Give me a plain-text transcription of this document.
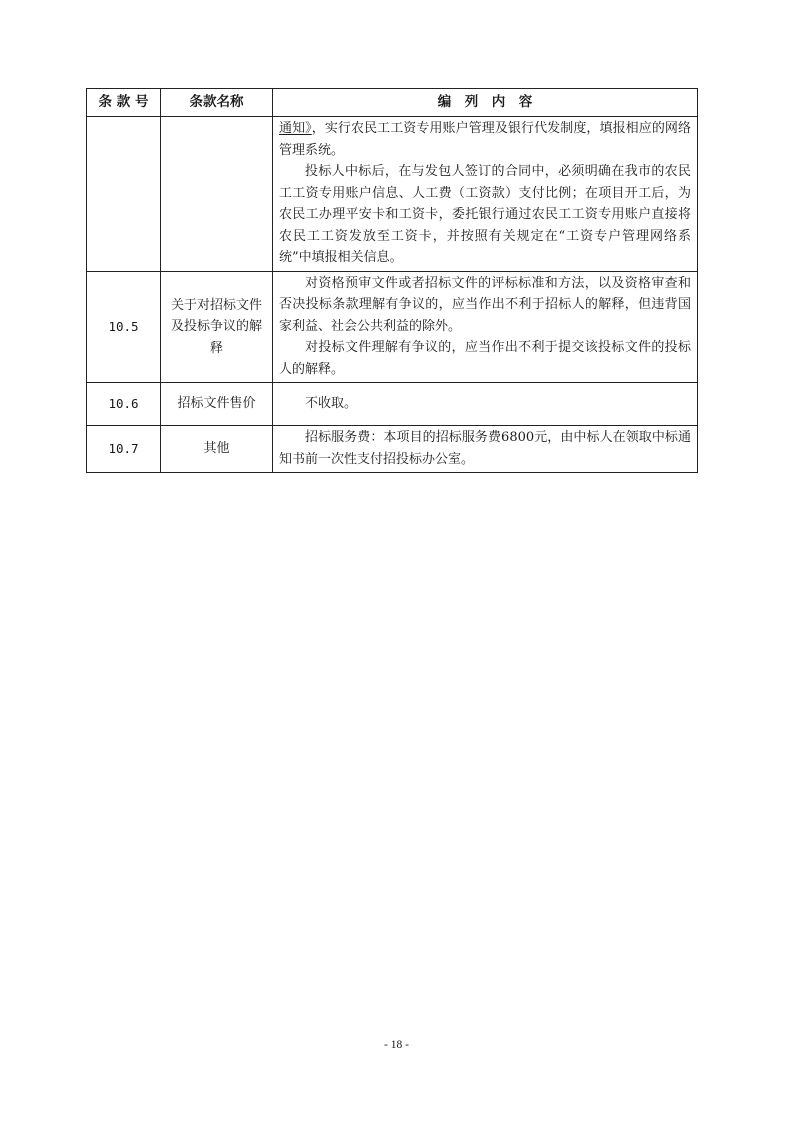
条 款 号	条款名称	编　列　内　容

		通知》，实行农民工工资专用账户管理及银行代发制度，填报相应的网络管理系统。

投标人中标后，在与发包人签订的合同中，必须明确在我市的农民工工资专用账户信息、人工费（工资款）支付比例；在项目开工后，为农民工办理平安卡和工资卡，委托银行通过农民工工资专用账户直接将农民工工资发放至工资卡，并按照有关规定在“工资专户管理网络系统”中填报相关信息。

10.5	关于对招标文件及投标争议的解释	对资格预审文件或者招标文件的评标标准和方法，以及资格审查和否决投标条款理解有争议的，应当作出不利于招标人的解释，但违背国家利益、社会公共利益的除外。

对投标文件理解有争议的，应当作出不利于提交该投标文件的投标人的解释。

10.6	招标文件售价	不收取。

10.7	其他	招标服务费：本项目的招标服务费6800元，由中标人在领取中标通知书前一次性支付招投标办公室。

- 18 -
